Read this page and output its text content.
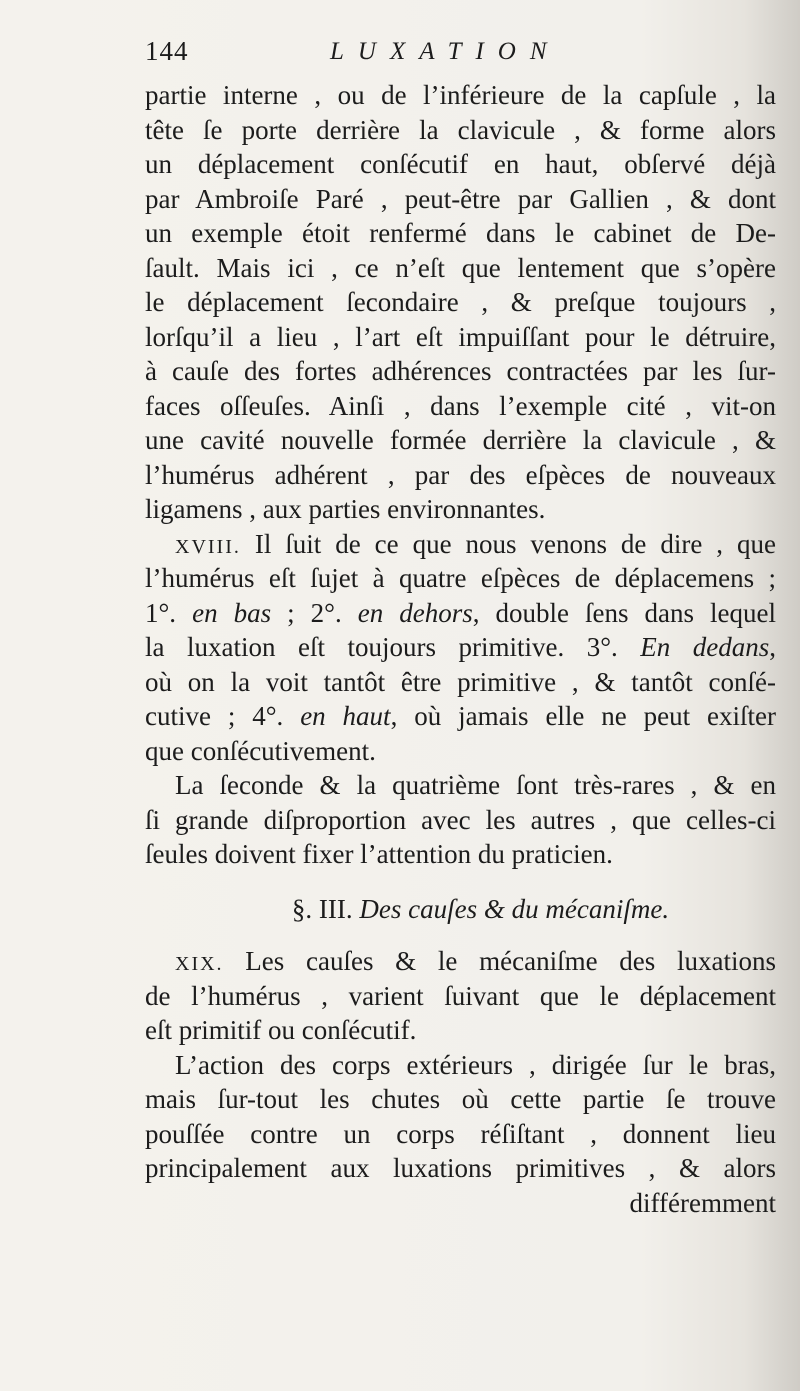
144	LUXATION
partie interne , ou de l’inférieure de la capſule , la
tête ſe porte derrière la clavicule , & forme alors
un déplacement conſécutif en haut, obſervé déjà
par Ambroiſe Paré , peut-être par Gallien , & dont
un exemple étoit renfermé dans le cabinet de De-
ſault. Mais ici , ce n’eſt que lentement que s’opère
le déplacement ſecondaire , & preſque toujours ,
lorſqu’il a lieu , l’art eſt impuiſſant pour le détruire,
à cauſe des fortes adhérences contractées par les ſur-
faces oſſeuſes. Ainſi , dans l’exemple cité , vit-on
une cavité nouvelle formée derrière la clavicule , &
l’humérus adhérent , par des eſpèces de nouveaux
ligamens , aux parties environnantes.
XVIII. Il ſuit de ce que nous venons de dire , que
l’humérus eſt ſujet à quatre eſpèces de déplacemens ;
1°. en bas ; 2°. en dehors, double ſens dans lequel
la luxation eſt toujours primitive. 3°. En dedans,
où on la voit tantôt être primitive , & tantôt conſé-
cutive ; 4°. en haut, où jamais elle ne peut exiſter
que conſécutivement.
La ſeconde & la quatrième ſont très-rares , & en
ſi grande diſproportion avec les autres , que celles-ci
ſeules doivent fixer l’attention du praticien.
§. III. Des cauſes & du mécaniſme.
XIX. Les cauſes & le mécaniſme des luxations
de l’humérus , varient ſuivant que le déplacement
eſt primitif ou conſécutif.
L’action des corps extérieurs , dirigée ſur le bras,
mais ſur-tout les chutes où cette partie ſe trouve
pouſſée contre un corps réſiſtant , donnent lieu
principalement aux luxations primitives , & alors
différemment
